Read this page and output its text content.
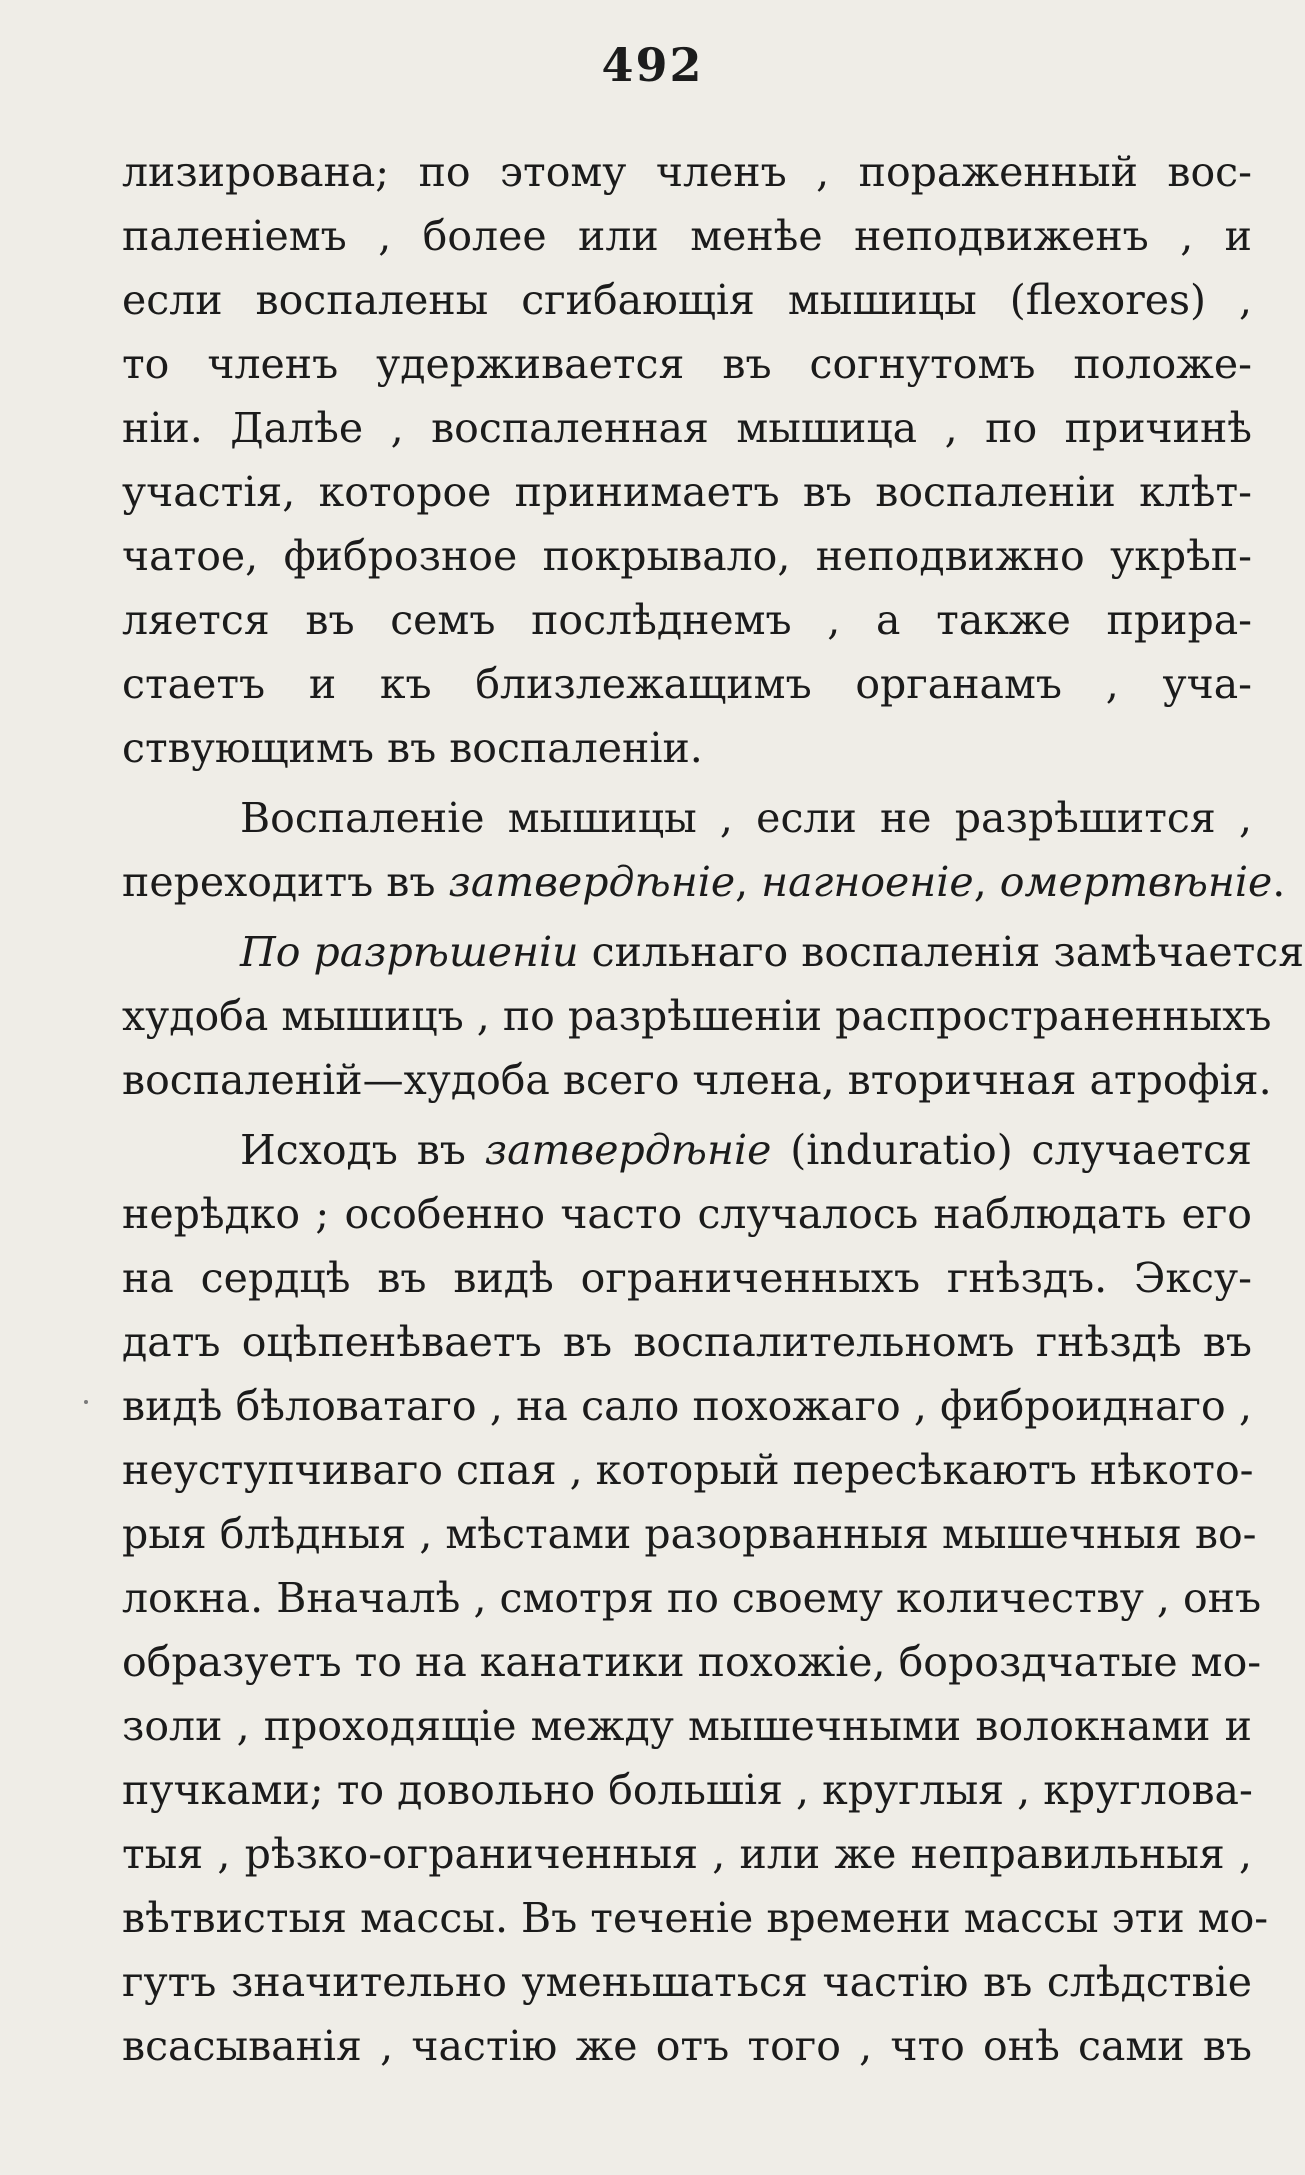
492
лизирована; по этому членъ , пораженный вос-
паленіемъ , более или менѣе неподвиженъ , и
если воспалены сгибающія мышицы (flexores) ,
то членъ удерживается въ согнутомъ положе-
ніи. Далѣе , воспаленная мышица , по причинѣ
участія, которое принимаетъ въ воспаленіи клѣт-
чатое, фиброзное покрывало, неподвижно укрѣп-
ляется въ семъ послѣднемъ , а также прира-
стаетъ и къ близлежащимъ органамъ , уча-
ствующимъ въ воспаленіи.
Воспаленіе мышицы , если не разрѣшится ,
переходитъ въ затвердѣніе, нагноеніе, омертвѣніе.
По разрѣшеніи сильнаго воспаленія замѣчается
худоба мышицъ , по разрѣшеніи распространенныхъ
воспаленій—худоба всего члена, вторичная атрофія.
Исходъ въ затвердѣніе (induratio) случается
нерѣдко ; особенно часто случалось наблюдать его
на сердцѣ въ видѣ ограниченныхъ гнѣздъ. Эксу-
датъ оцѣпенѣваетъ въ воспалительномъ гнѣздѣ въ
видѣ бѣловатаго , на сало похожаго , фиброиднаго ,
неуступчиваго спая , который пересѣкаютъ нѣкото-
рыя блѣдныя , мѣстами разорванныя мышечныя во-
локна. Вначалѣ , смотря по своему количеству , онъ
образуетъ то на канатики похожіе, бороздчатые мо-
золи , проходящіе между мышечными волокнами и
пучками; то довольно большія , круглыя , круглова-
тыя , рѣзко-ограниченныя , или же неправильныя ,
вѣтвистыя массы. Въ теченіе времени массы эти мо-
гутъ значительно уменьшаться частію въ слѣдствіе
всасыванія , частію же отъ того , что онѣ сами въ
